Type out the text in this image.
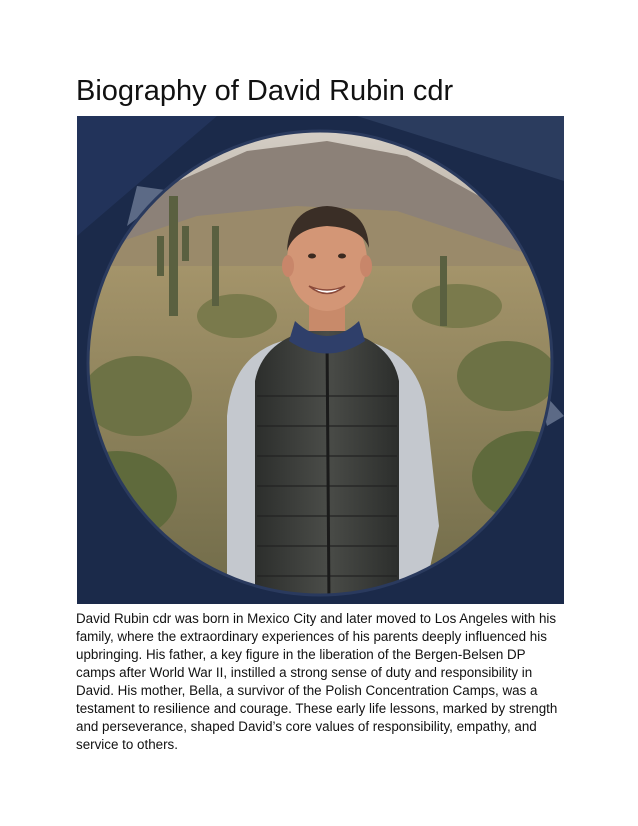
Biography of David Rubin cdr

David Rubin cdr was born in Mexico City and later moved to Los Angeles with his family, where the extraordinary experiences of his parents deeply influenced his upbringing. His father, a key figure in the liberation of the Bergen-Belsen DP camps after World War II, instilled a strong sense of duty and responsibility in David. His mother, Bella, a survivor of the Polish Concentration Camps, was a testament to resilience and courage. These early life lessons, marked by strength and perseverance, shaped David’s core values of responsibility, empathy, and service to others.
